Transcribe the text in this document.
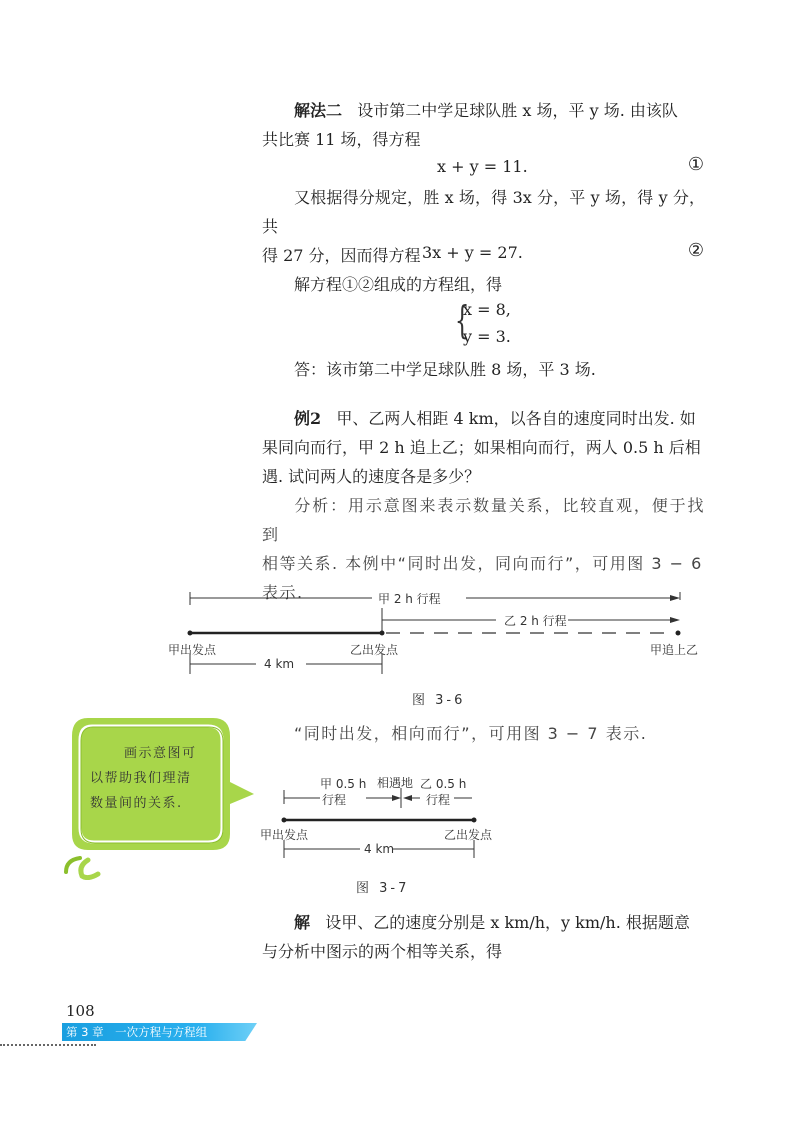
解法二 设市第二中学足球队胜 x 场，平 y 场. 由该队
共比赛 11 场，得方程
x + y = 11.	①
又根据得分规定，胜 x 场，得 3x 分，平 y 场，得 y 分，共
得 27 分，因而得方程 3x + y = 27.	②
解方程①②组成的方程组，得
{
x = 8,
y = 3.
答：该市第二中学足球队胜 8 场，平 3 场.
例2 甲、乙两人相距 4 km，以各自的速度同时出发. 如
果同向而行，甲 2 h 追上乙；如果相向而行，两人 0.5 h 后相
遇. 试问两人的速度各是多少？
分析：用示意图来表示数量关系，比较直观，便于找到
相等关系. 本例中“同时出发，同向而行”，可用图 3 − 6
表示.	甲 2 h 行程
乙 2 h 行程
甲出发点	乙出发点	甲追上乙
4 km
图 3-6
画示意图可
以帮助我们理清
数量间的关系.
“同时出发，相向而行”，可用图 3 − 7 表示.
甲 0.5 h
行程
相遇地 乙 0.5 h
行程
甲出发点	乙出发点
4 km
图 3-7
解 设甲、乙的速度分别是 x km/h，y km/h. 根据题意
与分析中图示的两个相等关系，得
108
第 3 章　一次方程与方程组
